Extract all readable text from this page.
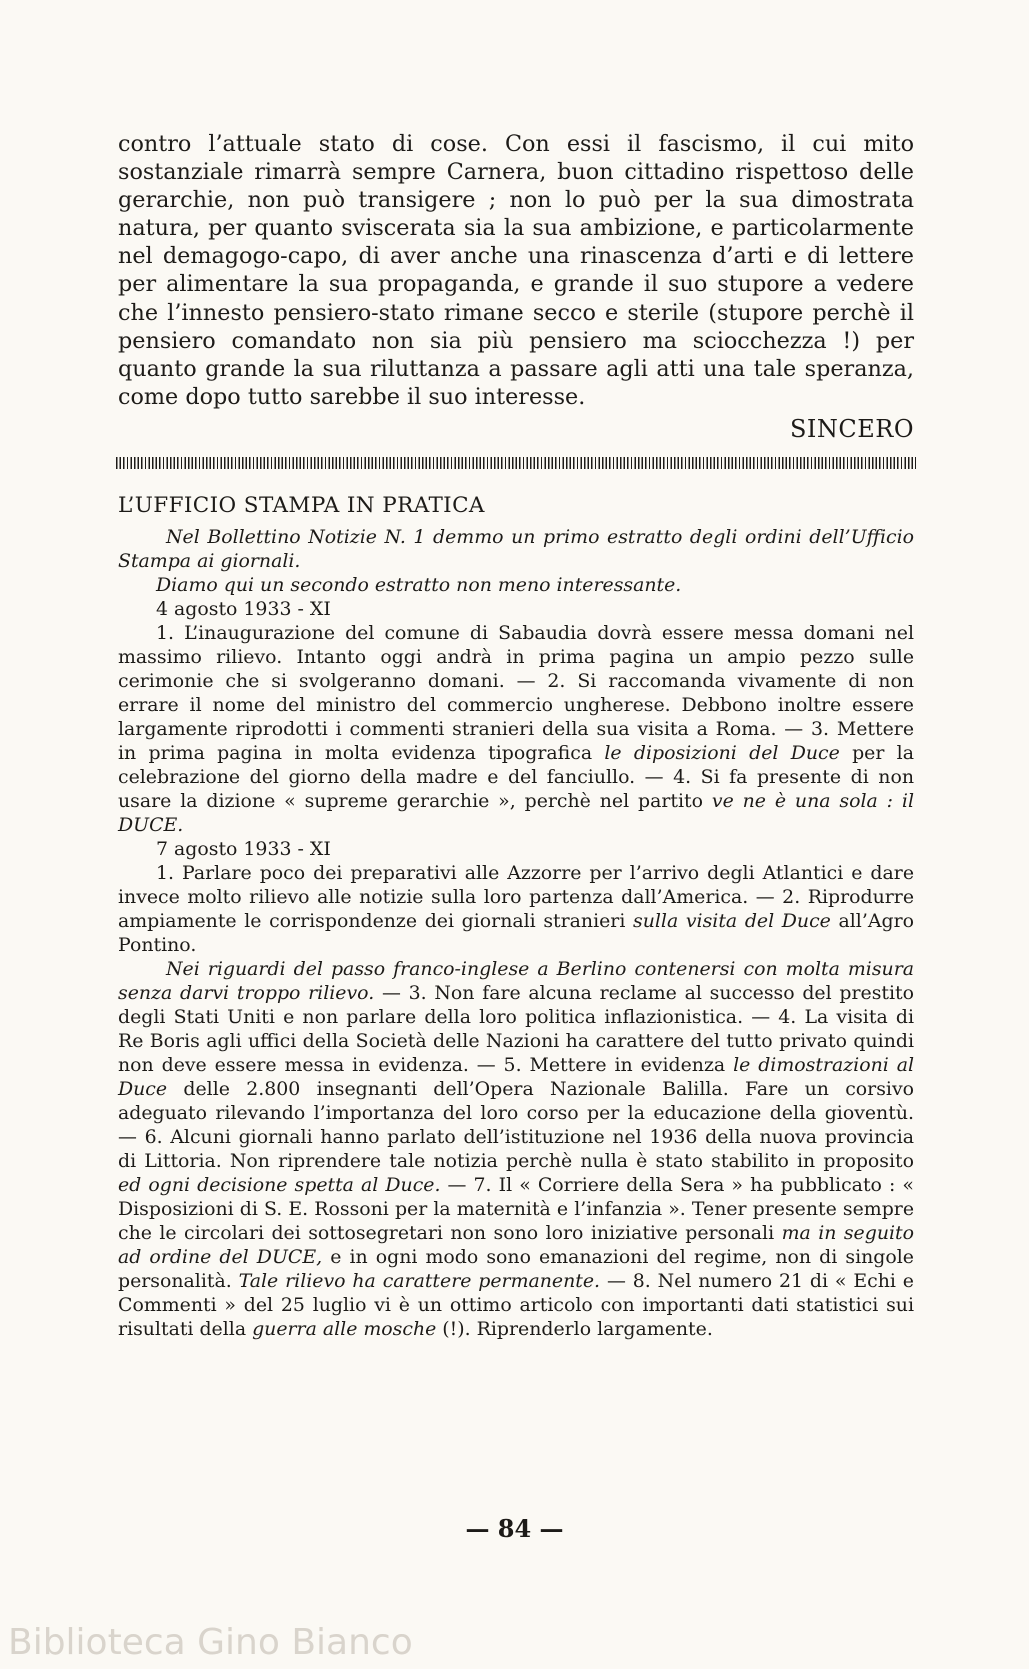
contro l’attuale stato di cose. Con essi il fascismo, il cui mito sostanziale rimarrà sempre Carnera, buon cittadino rispettoso delle gerarchie, non può transigere ; non lo può per la sua dimostrata natura, per quanto sviscerata sia la sua ambizione, e particolarmente nel demagogo-capo, di aver anche una rinascenza d’arti e di lettere per alimentare la sua propaganda, e grande il suo stupore a vedere che l’innesto pensiero-stato rimane secco e sterile (stupore perchè il pensiero comandato non sia più pensiero ma sciocchezza !) per quanto grande la sua riluttanza a passare agli atti una tale speranza, come dopo tutto sarebbe il suo interesse.

SINCERO
L’UFFICIO STAMPA IN PRATICA

Nel Bollettino Notizie N. 1 demmo un primo estratto degli ordini dell’Ufficio Stampa ai giornali.

Diamo qui un secondo estratto non meno interessante.

4 agosto 1933 - XI

1. L’inaugurazione del comune di Sabaudia dovrà essere messa domani nel massimo rilievo. Intanto oggi andrà in prima pagina un ampio pezzo sulle cerimonie che si svolgeranno domani. — 2. Si raccomanda vivamente di non errare il nome del ministro del commercio ungherese. Debbono inoltre essere largamente riprodotti i commenti stranieri della sua visita a Roma. — 3. Mettere in prima pagina in molta evidenza tipografica le diposizioni del Duce per la celebrazione del giorno della madre e del fanciullo. — 4. Si fa presente di non usare la dizione « supreme gerarchie », perchè nel partito ve ne è una sola : il DUCE.

7 agosto 1933 - XI

1. Parlare poco dei preparativi alle Azzorre per l’arrivo degli Atlantici e dare invece molto rilievo alle notizie sulla loro partenza dall’America. — 2. Riprodurre ampiamente le corrispondenze dei giornali stranieri sulla visita del Duce all’Agro Pontino.

Nei riguardi del passo franco-inglese a Berlino contenersi con molta misura senza darvi troppo rilievo. — 3. Non fare alcuna reclame al successo del prestito degli Stati Uniti e non parlare della loro politica inflazionistica. — 4. La visita di Re Boris agli uffici della Società delle Nazioni ha carattere del tutto privato quindi non deve essere messa in evidenza. — 5. Mettere in evidenza le dimostrazioni al Duce delle 2.800 insegnanti dell’Opera Nazionale Balilla. Fare un corsivo adeguato rilevando l’importanza del loro corso per la educazione della gioventù. — 6. Alcuni giornali hanno parlato dell’istituzione nel 1936 della nuova provincia di Littoria. Non riprendere tale notizia perchè nulla è stato stabilito in proposito ed ogni decisione spetta al Duce. — 7. Il « Corriere della Sera » ha pubblicato : « Disposizioni di S. E. Rossoni per la maternità e l’infanzia ». Tener presente sempre che le circolari dei sottosegretari non sono loro iniziative personali ma in seguito ad ordine del DUCE, e in ogni modo sono emanazioni del regime, non di singole personalità. Tale rilievo ha carattere permanente. — 8. Nel numero 21 di « Echi e Commenti » del 25 luglio vi è un ottimo articolo con importanti dati statistici sui risultati della guerra alle mosche (!). Riprenderlo largamente.

— 84 —
Biblioteca Gino Bianco
